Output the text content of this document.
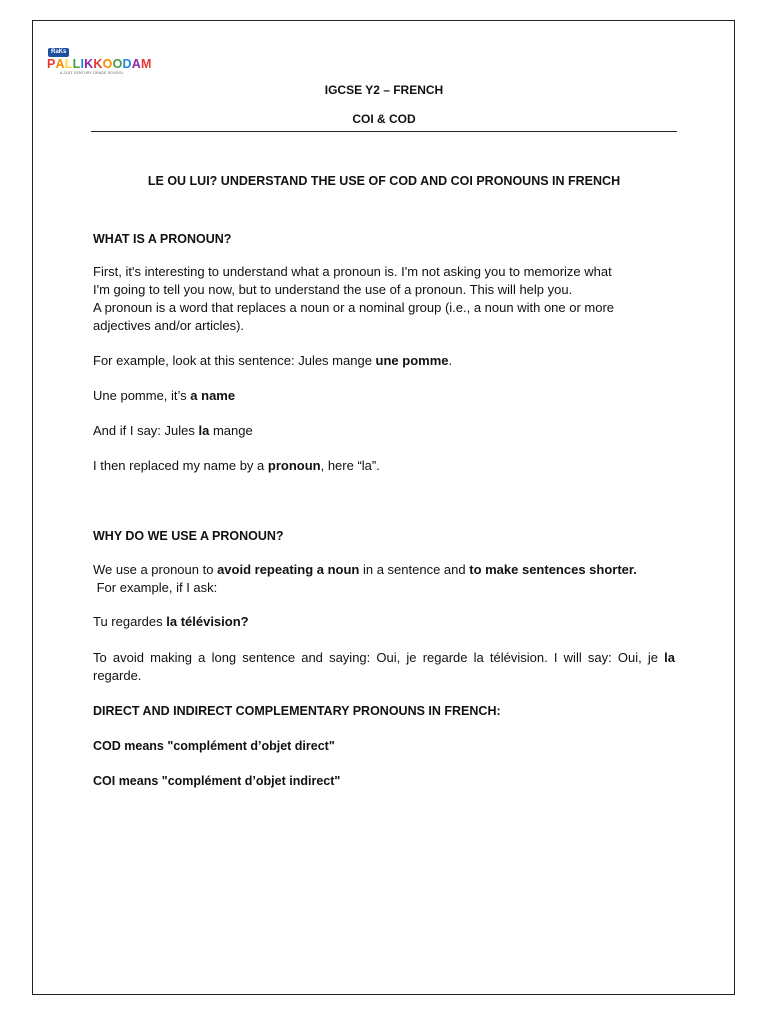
RaKs
PALLIKKOODAM
A 21ST CENTURY GRADE SCHOOL
IGCSE Y2 – FRENCH
COI & COD
LE OU LUI? UNDERSTAND THE USE OF COD AND COI PRONOUNS IN FRENCH
WHAT IS A PRONOUN?
First, it's interesting to understand what a pronoun is. I'm not asking you to memorize what
I'm going to tell you now, but to understand the use of a pronoun. This will help you.
A pronoun is a word that replaces a noun or a nominal group (i.e., a noun with one or more
adjectives and/or articles).
For example, look at this sentence: Jules mange une pomme.
Une pomme, it’s a name
And if I say: Jules la mange
I then replaced my name by a pronoun, here “la”.
WHY DO WE USE A PRONOUN?
We use a pronoun to avoid repeating a noun in a sentence and to make sentences shorter.
For example, if I ask:
Tu regardes la télévision?
To avoid making a long sentence and saying: Oui, je regarde la télévision. I will say: Oui, je la regarde.
DIRECT AND INDIRECT COMPLEMENTARY PRONOUNS IN FRENCH:
COD means "complément d’objet direct"
COI means "complément d’objet indirect"
